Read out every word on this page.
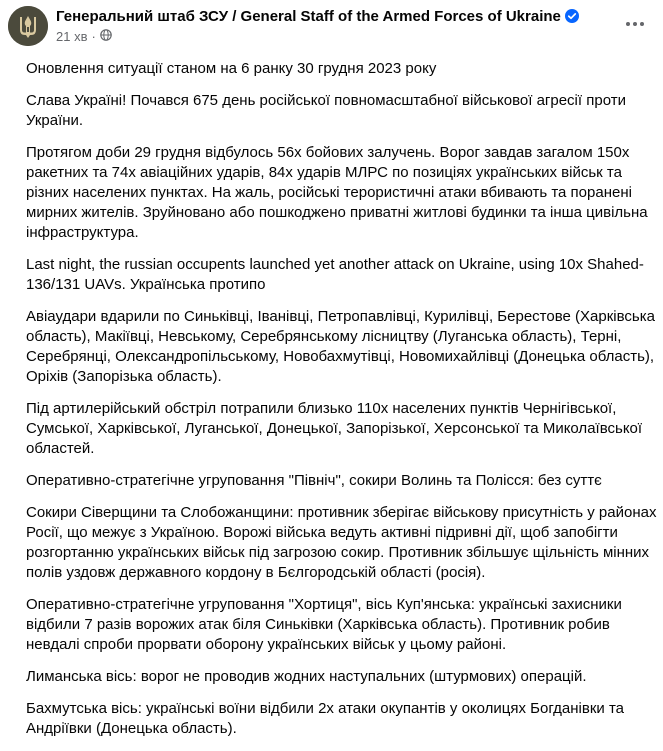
Генеральний штаб ЗСУ / General Staff of the Armed Forces of Ukraine
21 хв ·

Оновлення ситуації станом на 6 ранку 30 грудня 2023 року

Слава Україні! Почався 675 день російської повномасштабної військової агресії проти України.

Протягом доби 29 грудня відбулось 56х бойових залучень. Ворог завдав загалом 150х ракетних та 74х авіаційних ударів, 84х ударів МЛРС по позиціях українських військ та різних населених пунктах. На жаль, російські терористичні атаки вбивають та поранені мирних жителів. Зруйновано або пошкоджено приватні житлові будинки та інша цивільна інфраструктура.

Last night, the russian occupents launched yet another attack on Ukraine, using 10x Shahed-136/131 UAVs. Українська протипо

Авіаудари вдарили по Синьківці, Іванівці, Петропавлівці, Курилівці, Берестове (Харківська область), Макіївці, Невському, Серебрянському лісництву (Луганська область), Терні, Серебрянці, Олександропільському, Новобахмутівці, Новомихайлівці (Донецька область), Оріхів (Запорізька область).

Під артилерійський обстріл потрапили близько 110х населених пунктів Чернігівської, Сумської, Харківської, Луганської, Донецької, Запорізької, Херсонської та Миколаївської областей.

Оперативно-стратегічне угруповання "Північ", сокири Волинь та Полісся: без суттє

Сокири Сіверщини та Слобожанщини: противник зберігає військову присутність у районах Росії, що межує з Україною. Ворожі війська ведуть активні підривні дії, щоб запобігти розгортанню українських військ під загрозою сокир. Противник збільшує щільність мінних полів уздовж державного кордону в Бєлгородській області (росія).

Оперативно-стратегічне угруповання "Хортиця", вісь Куп'янська: українські захисники відбили 7 разів ворожих атак біля Синьківки (Харківська область). Противник робив невдалі спроби прорвати оборону українських військ у цьому районі.

Лиманська вісь: ворог не проводив жодних наступальних (штурмових) операцій.

Бахмутська вісь: українські воїни відбили 2х атаки окупантів у околицях Богданівки та Андріївки (Донецька область).
